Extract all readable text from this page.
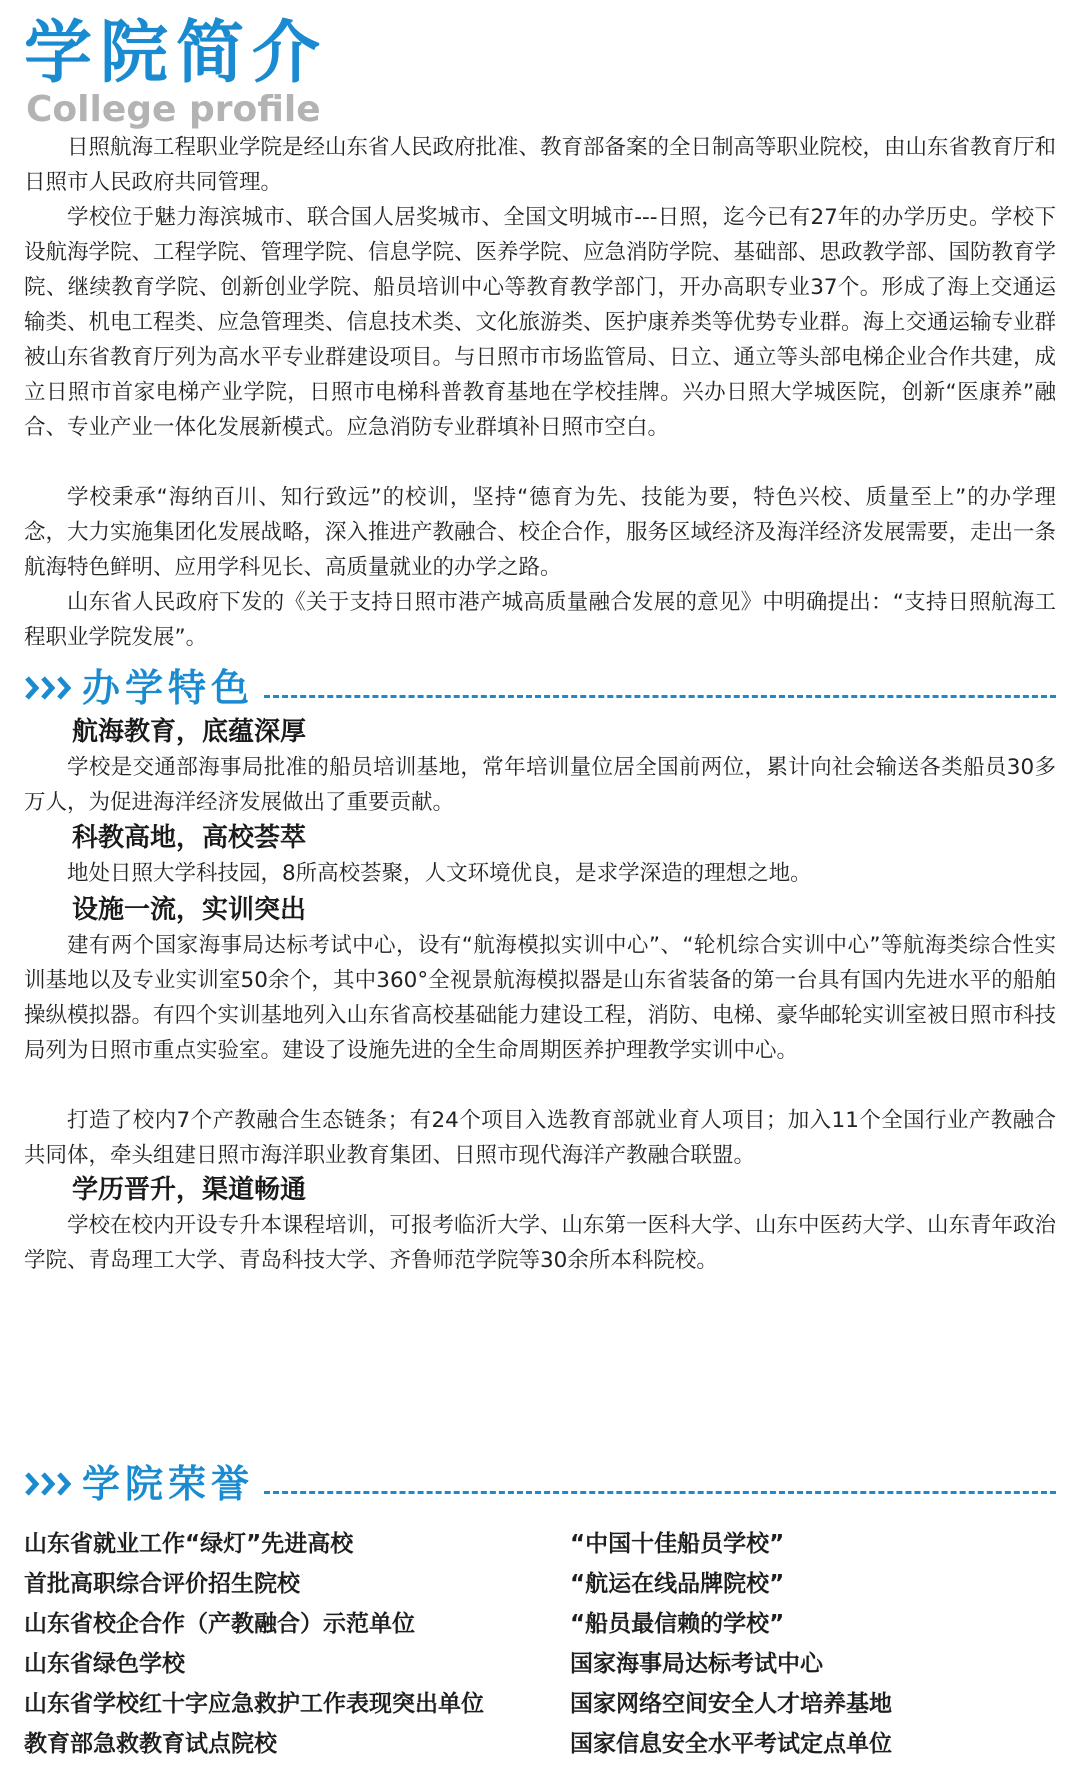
学院简介
College profile

日照航海工程职业学院是经山东省人民政府批准、教育部备案的全日制高等职业院校，由山东省教育厅和日照市人民政府共同管理。

学校位于魅力海滨城市、联合国人居奖城市、全国文明城市---日照，迄今已有27年的办学历史。学校下设航海学院、工程学院、管理学院、信息学院、医养学院、应急消防学院、基础部、思政教学部、国防教育学院、继续教育学院、创新创业学院、船员培训中心等教育教学部门，开办高职专业37个。形成了海上交通运输类、机电工程类、应急管理类、信息技术类、文化旅游类、医护康养类等优势专业群。海上交通运输专业群被山东省教育厅列为高水平专业群建设项目。与日照市市场监管局、日立、通立等头部电梯企业合作共建，成立日照市首家电梯产业学院，日照市电梯科普教育基地在学校挂牌。兴办日照大学城医院，创新“医康养”融合、专业产业一体化发展新模式。应急消防专业群填补日照市空白。

学校秉承“海纳百川、知行致远”的校训，坚持“德育为先、技能为要，特色兴校、质量至上”的办学理念，大力实施集团化发展战略，深入推进产教融合、校企合作，服务区域经济及海洋经济发展需要，走出一条航海特色鲜明、应用学科见长、高质量就业的办学之路。

山东省人民政府下发的《关于支持日照市港产城高质量融合发展的意见》中明确提出：“支持日照航海工程职业学院发展”。

办学特色
航海教育，底蕴深厚

学校是交通部海事局批准的船员培训基地，常年培训量位居全国前两位，累计向社会输送各类船员30多万人，为促进海洋经济发展做出了重要贡献。

科教高地，高校荟萃

地处日照大学科技园，8所高校荟聚，人文环境优良，是求学深造的理想之地。

设施一流，实训突出

建有两个国家海事局达标考试中心，设有“航海模拟实训中心”、“轮机综合实训中心”等航海类综合性实训基地以及专业实训室50余个，其中360°全视景航海模拟器是山东省装备的第一台具有国内先进水平的船舶操纵模拟器。有四个实训基地列入山东省高校基础能力建设工程，消防、电梯、豪华邮轮实训室被日照市科技局列为日照市重点实验室。建设了设施先进的全生命周期医养护理教学实训中心。

打造了校内7个产教融合生态链条；有24个项目入选教育部就业育人项目；加入11个全国行业产教融合共同体，牵头组建日照市海洋职业教育集团、日照市现代海洋产教融合联盟。

学历晋升，渠道畅通

学校在校内开设专升本课程培训，可报考临沂大学、山东第一医科大学、山东中医药大学、山东青年政治学院、青岛理工大学、青岛科技大学、齐鲁师范学院等30余所本科院校。

学院荣誉
山东省就业工作“绿灯”先进高校
首批高职综合评价招生院校
山东省校企合作（产教融合）示范单位
山东省绿色学校
山东省学校红十字应急救护工作表现突出单位
教育部急救教育试点院校
“中国十佳船员学校”
“航运在线品牌院校”
“船员最信赖的学校”
国家海事局达标考试中心
国家网络空间安全人才培养基地
国家信息安全水平考试定点单位
